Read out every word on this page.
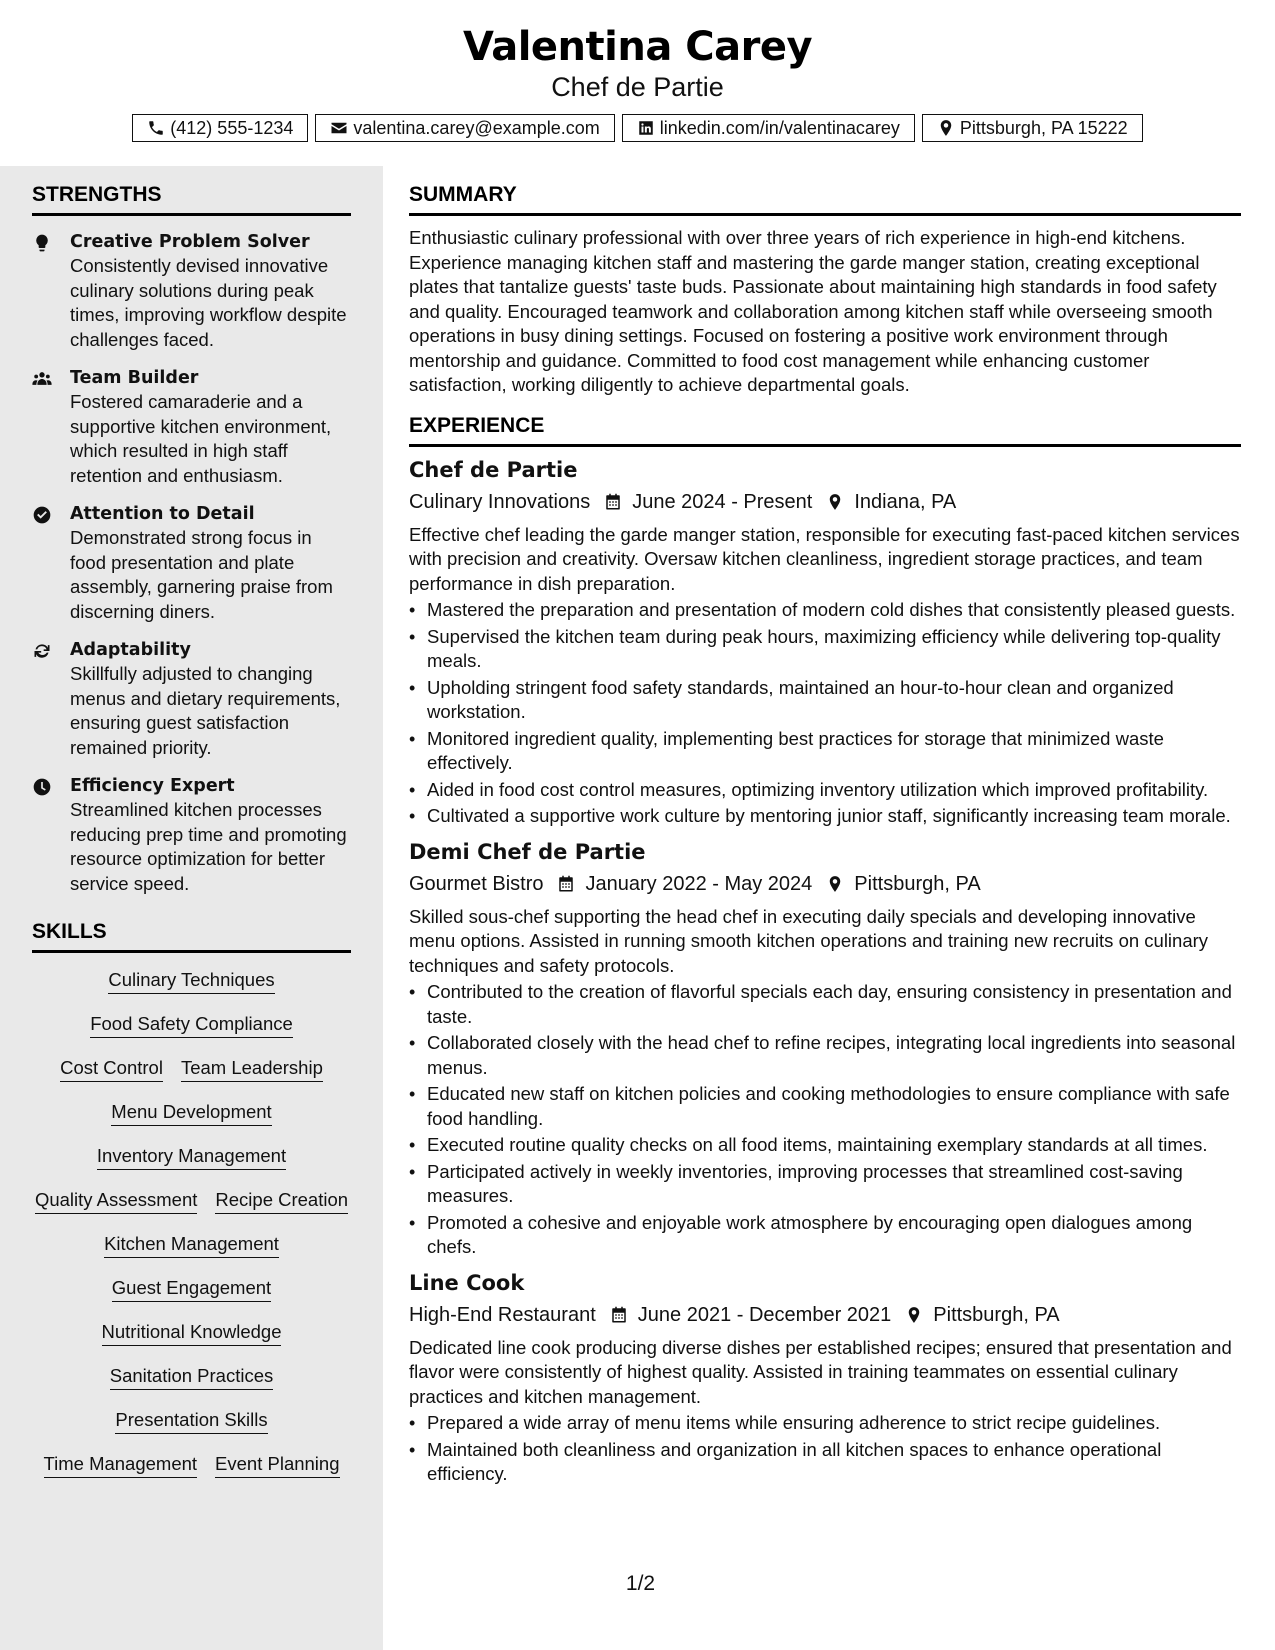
Valentina Carey
Chef de Partie
(412) 555-1234	valentina.carey@example.com	linkedin.com/in/valentinacarey	Pittsburgh, PA 15222
STRENGTHS
Creative Problem Solver
Consistently devised innovative culinary solutions during peak times, improving workflow despite challenges faced.
Team Builder
Fostered camaraderie and a supportive kitchen environment, which resulted in high staff retention and enthusiasm.
Attention to Detail
Demonstrated strong focus in food presentation and plate assembly, garnering praise from discerning diners.
Adaptability
Skillfully adjusted to changing menus and dietary requirements, ensuring guest satisfaction remained priority.
Efficiency Expert
Streamlined kitchen processes reducing prep time and promoting resource optimization for better service speed.
SKILLS
Culinary Techniques
Food Safety Compliance
Cost Control Team Leadership
Menu Development
Inventory Management
Quality Assessment Recipe Creation
Kitchen Management
Guest Engagement
Nutritional Knowledge
Sanitation Practices
Presentation Skills
Time Management Event Planning
SUMMARY

Enthusiastic culinary professional with over three years of rich experience in high-end kitchens. Experience managing kitchen staff and mastering the garde manger station, creating exceptional plates that tantalize guests' taste buds. Passionate about maintaining high standards in food safety and quality. Encouraged teamwork and collaboration among kitchen staff while overseeing smooth operations in busy dining settings. Focused on fostering a positive work environment through mentorship and guidance. Committed to food cost management while enhancing customer satisfaction, working diligently to achieve departmental goals.

EXPERIENCE
Chef de Partie
Culinary Innovations June 2024 - Present Indiana, PA
Effective chef leading the garde manger station, responsible for executing fast-paced kitchen services with precision and creativity. Oversaw kitchen cleanliness, ingredient storage practices, and team performance in dish preparation.
• Mastered the preparation and presentation of modern cold dishes that consistently pleased guests.
• Supervised the kitchen team during peak hours, maximizing efficiency while delivering top-quality meals.
• Upholding stringent food safety standards, maintained an hour-to-hour clean and organized workstation.
• Monitored ingredient quality, implementing best practices for storage that minimized waste effectively.
• Aided in food cost control measures, optimizing inventory utilization which improved profitability.
• Cultivated a supportive work culture by mentoring junior staff, significantly increasing team morale.
Demi Chef de Partie
Gourmet Bistro January 2022 - May 2024 Pittsburgh, PA
Skilled sous-chef supporting the head chef in executing daily specials and developing innovative menu options. Assisted in running smooth kitchen operations and training new recruits on culinary techniques and safety protocols.
• Contributed to the creation of flavorful specials each day, ensuring consistency in presentation and taste.
• Collaborated closely with the head chef to refine recipes, integrating local ingredients into seasonal menus.
• Educated new staff on kitchen policies and cooking methodologies to ensure compliance with safe food handling.
• Executed routine quality checks on all food items, maintaining exemplary standards at all times.
• Participated actively in weekly inventories, improving processes that streamlined cost-saving measures.
• Promoted a cohesive and enjoyable work atmosphere by encouraging open dialogues among chefs.
Line Cook
High-End Restaurant June 2021 - December 2021 Pittsburgh, PA
Dedicated line cook producing diverse dishes per established recipes; ensured that presentation and flavor were consistently of highest quality. Assisted in training teammates on essential culinary practices and kitchen management.
• Prepared a wide array of menu items while ensuring adherence to strict recipe guidelines.
• Maintained both cleanliness and organization in all kitchen spaces to enhance operational efficiency.
1/2
